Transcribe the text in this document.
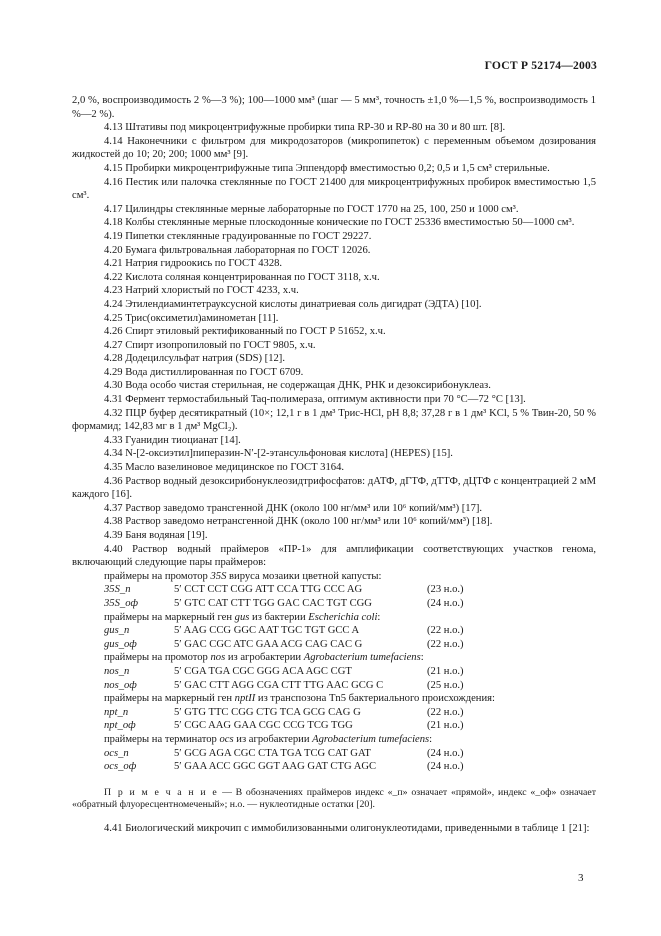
ГОСТ Р 52174—2003

2,0 %, воспроизводимость 2 %—3 %); 100—1000 мм³ (шаг — 5 мм³, точность ±1,0 %—1,5 %, воспроизводимость 1 %—2 %).

4.13 Штативы под микроцентрифужные пробирки типа RP-30 и RP-80 на 30 и 80 шт. [8].

4.14 Наконечники с фильтром для микродозаторов (микропипеток) с переменным объемом дозирования жидкостей до 10; 20; 200; 1000 мм³ [9].

4.15 Пробирки микроцентрифужные типа Эппендорф вместимостью 0,2; 0,5 и 1,5 см³ стерильные.

4.16 Пестик или палочка стеклянные по ГОСТ 21400 для микроцентрифужных пробирок вместимостью 1,5 см³.

4.17 Цилиндры стеклянные мерные лабораторные по ГОСТ 1770 на 25, 100, 250 и 1000 см³.

4.18 Колбы стеклянные мерные плоскодонные конические по ГОСТ 25336 вместимостью 50—1000 см³.

4.19 Пипетки стеклянные градуированные по ГОСТ 29227.

4.20 Бумага фильтровальная лабораторная по ГОСТ 12026.

4.21 Натрия гидроокись по ГОСТ 4328.

4.22 Кислота соляная концентрированная по ГОСТ 3118, х.ч.

4.23 Натрий хлористый по ГОСТ 4233, х.ч.

4.24 Этилендиаминтетрауксусной кислоты динатриевая соль дигидрат (ЭДТА) [10].

4.25 Трис(оксиметил)аминометан [11].

4.26 Спирт этиловый ректификованный по ГОСТ Р 51652, х.ч.

4.27 Спирт изопропиловый по ГОСТ 9805, х.ч.

4.28 Додецилсульфат натрия (SDS) [12].

4.29 Вода дистиллированная по ГОСТ 6709.

4.30 Вода особо чистая стерильная, не содержащая ДНК, РНК и дезоксирибонуклеаз.

4.31 Фермент термостабильный Taq-полимераза, оптимум активности при 70 °С—72 °С [13].

4.32 ПЦР буфер десятикратный (10×; 12,1 г в 1 дм³ Трис-HCl, pH 8,8; 37,28 г в 1 дм³ KCl, 5 % Твин-20, 50 % формамид; 142,83 мг в 1 дм³ MgCl₂).

4.33 Гуанидин тиоцианат [14].

4.34 N-[2-оксиэтил]пиперазин-N′-[2-этансульфоновая кислота] (HEPES) [15].

4.35 Масло вазелиновое медицинское по ГОСТ 3164.

4.36 Раствор водный дезоксирибонуклеозидтрифосфатов: дАТФ, дГТФ, дТТФ, дЦТФ с концентрацией 2 мМ каждого [16].

4.37 Раствор заведомо трансгенной ДНК (около 100 нг/мм³ или 10⁶ копий/мм³) [17].

4.38 Раствор заведомо нетрансгенной ДНК (около 100 нг/мм³ или 10⁶ копий/мм³) [18].

4.39 Баня водяная [19].

4.40 Раствор водный праймеров «ПР-1» для амплификации соответствующих участков генома, включающий следующие пары праймеров:

праймеры на промотор 35S вируса мозаики цветной капусты:

35S_п	5′ CCT CCT CGG ATT CCA TTG CCC AG	(23 н.о.)
35S_оф	5′ GTC CAT CTT TGG GAC CAC TGT CGG	(24 н.о.)

праймеры на маркерный ген gus из бактерии Escherichia coli:

gus_п	5′ AAG CCG GGC AAT TGC TGT GCC A	(22 н.о.)
gus_оф	5′ GAC CGC ATC GAA ACG CAG CAC G	(22 н.о.)

праймеры на промотор nos из агробактерии Agrobacterium tumefaciens:

nos_п	5′ CGA TGA CGC GGG ACA AGC CGT	(21 н.о.)
nos_оф	5′ GAC CTT AGG CGA CTT TTG AAC GCG C	(25 н.о.)

праймеры на маркерный ген nptII из транспозона Tn5 бактериального происхождения:

npt_п	5′ GTG TTC CGG CTG TCA GCG CAG G	(22 н.о.)
npt_оф	5′ CGC AAG GAA CGC CCG TCG TGG	(21 н.о.)

праймеры на терминатор ocs из агробактерии Agrobacterium tumefaciens:

ocs_п	5′ GCG AGA CGC CTA TGA TCG CAT GAT	(24 н.о.)
ocs_оф	5′ GAA ACC GGC GGT AAG GAT CTG AGC	(24 н.о.)
П р и м е ч а н и е — В обозначениях праймеров индекс «_п» означает «прямой», индекс «_оф» означает «обратный флуоресцентномеченый»; н.о. — нуклеотидные остатки [20].

4.41 Биологический микрочип с иммобилизованными олигонуклеотидами, приведенными в таблице 1 [21]:

3
